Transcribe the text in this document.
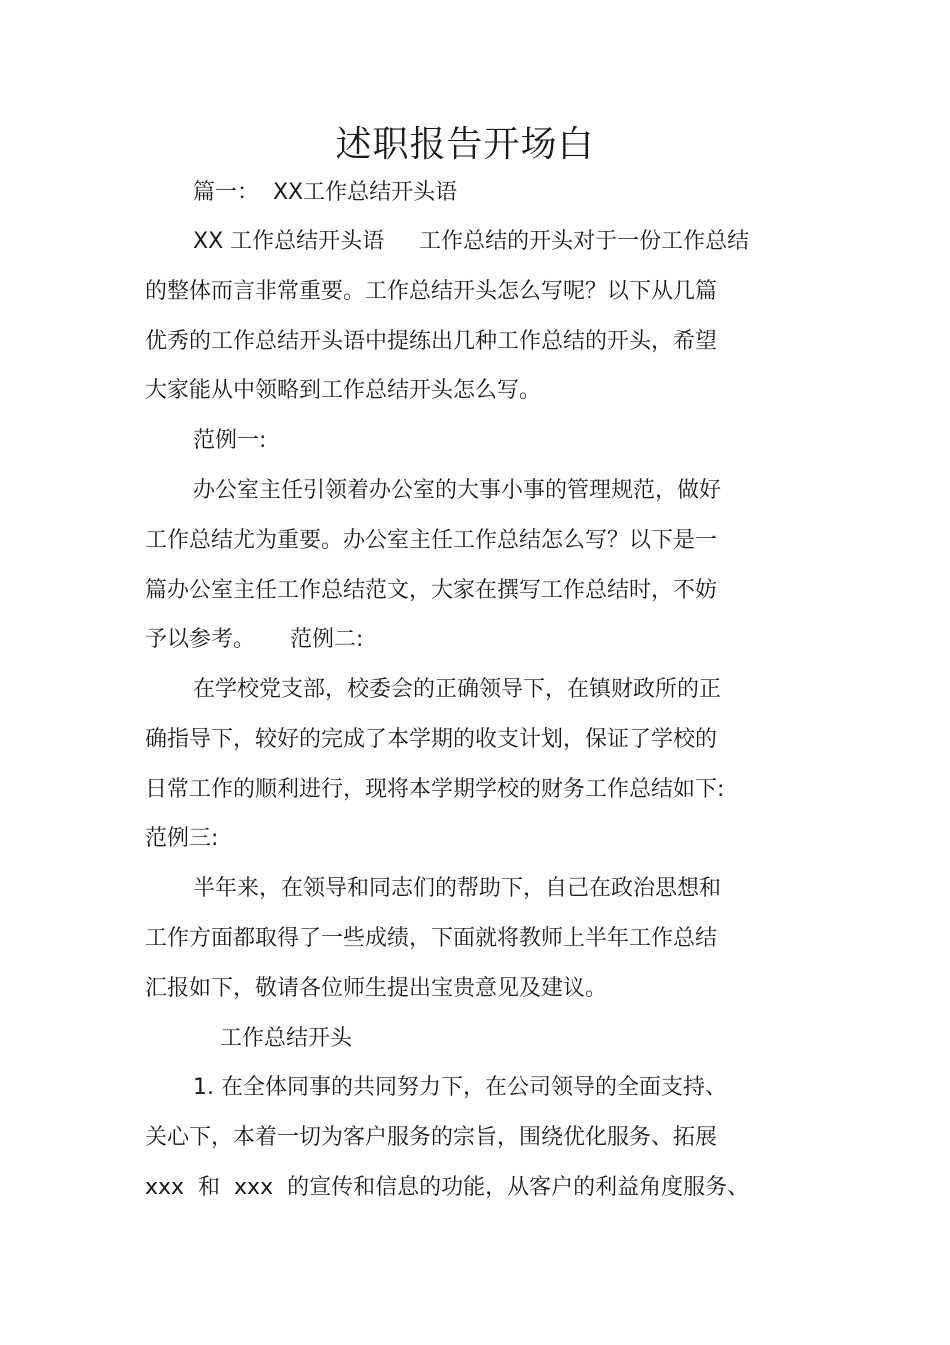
述职报告开场白

篇一：  XX工作总结开头语

XX 工作总结开头语     工作总结的开头对于一份工作总结

的整体而言非常重要。工作总结开头怎么写呢？以下从几篇

优秀的工作总结开头语中提练出几种工作总结的开头，希望

大家能从中领略到工作总结开头怎么写。

范例一:

办公室主任引领着办公室的大事小事的管理规范，做好

工作总结尤为重要。办公室主任工作总结怎么写？以下是一

篇办公室主任工作总结范文，大家在撰写工作总结时，不妨

予以参考。     范例二:

在学校党支部，校委会的正确领导下，在镇财政所的正

确指导下，较好的完成了本学期的收支计划，保证了学校的

日常工作的顺利进行，现将本学期学校的财务工作总结如下:

范例三:

半年来，在领导和同志们的帮助下，自己在政治思想和

工作方面都取得了一些成绩，下面就将教师上半年工作总结

汇报如下，敬请各位师生提出宝贵意见及建议。

工作总结开头

1. 在全体同事的共同努力下，在公司领导的全面支持、

关心下，本着一切为客户服务的宗旨，围绕优化服务、拓展

xxx  和  xxx  的宣传和信息的功能，从客户的利益角度服务、
